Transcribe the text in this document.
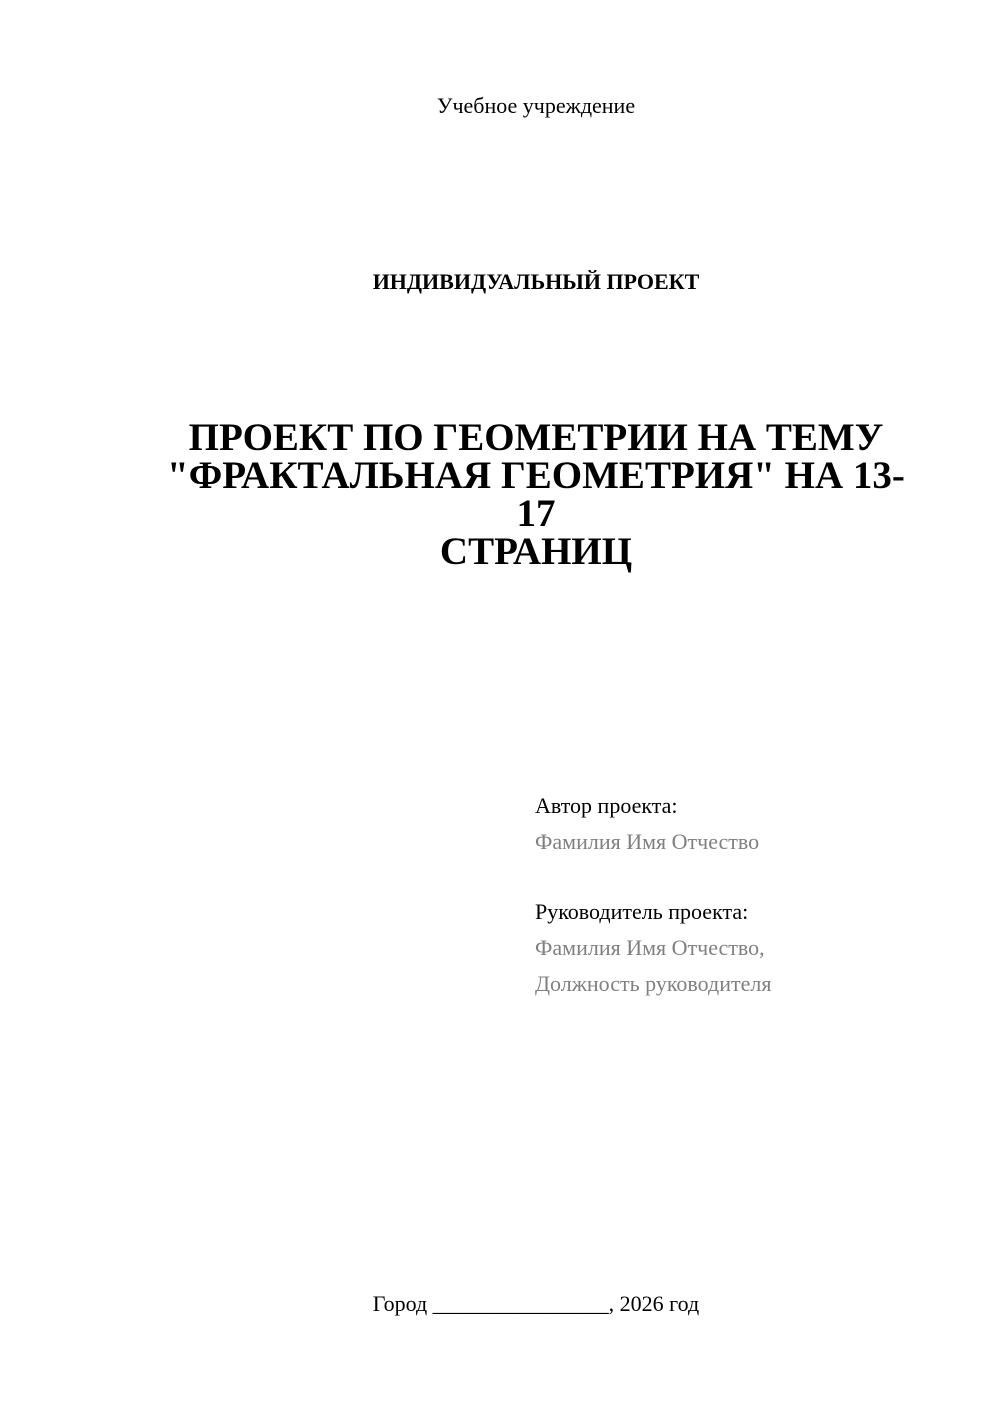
Учебное учреждение
ИНДИВИДУАЛЬНЫЙ ПРОЕКТ
ПРОЕКТ ПО ГЕОМЕТРИИ НА ТЕМУ
"ФРАКТАЛЬНАЯ ГЕОМЕТРИЯ" НА 13-17
СТРАНИЦ
Автор проекта:
Фамилия Имя Отчество
Руководитель проекта:
Фамилия Имя Отчество,
Должность руководителя
Город ________________, 2026 год
